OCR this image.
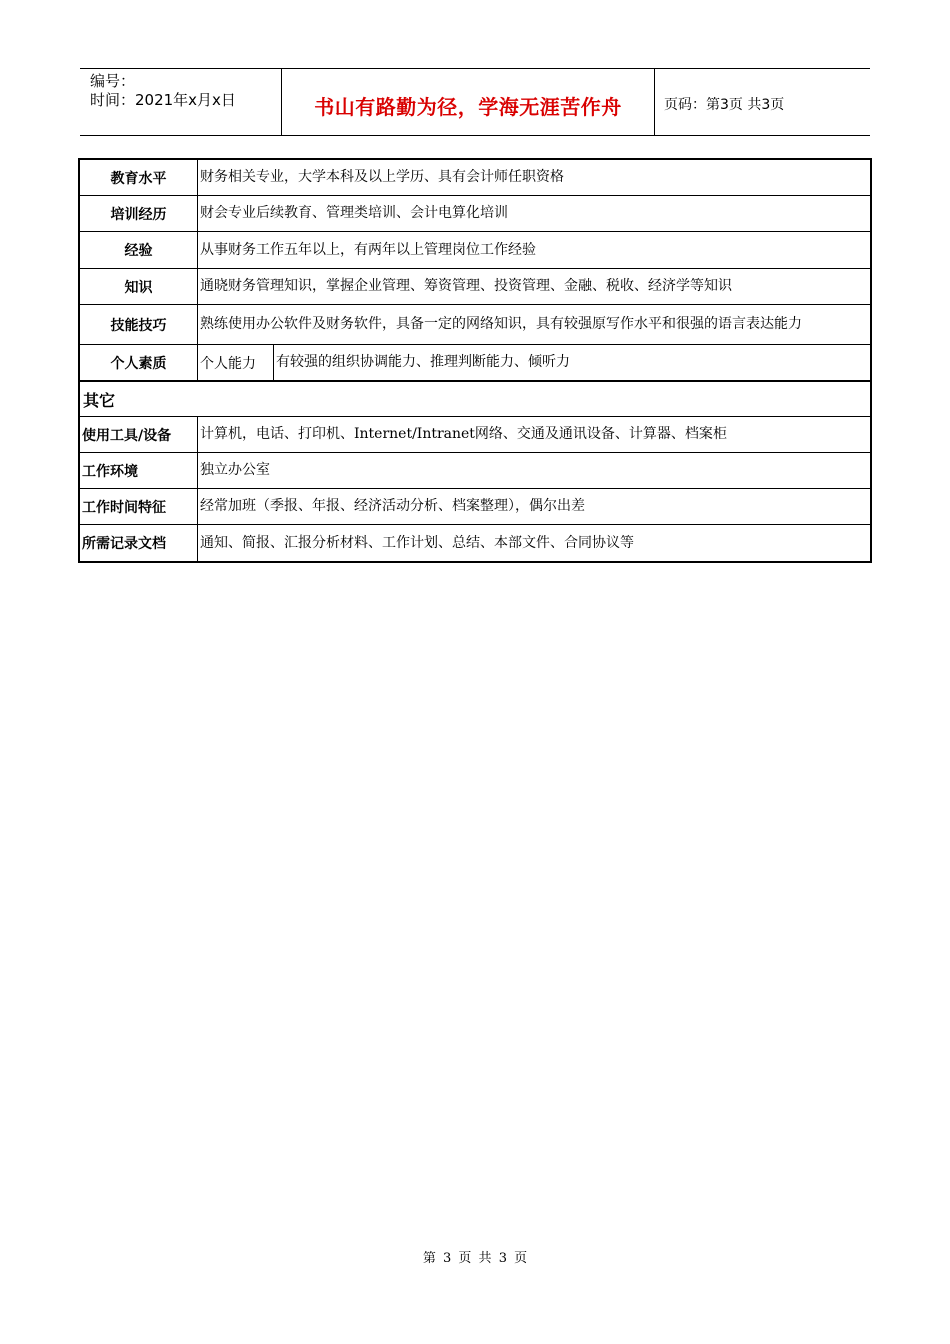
编号：
时间：2021年x月x日	书山有路勤为径，学海无涯苦作舟	页码：第3页 共3页
教育水平	财务相关专业，大学本科及以上学历、具有会计师任职资格
培训经历	财会专业后续教育、管理类培训、会计电算化培训
经验	从事财务工作五年以上，有两年以上管理岗位工作经验
知识	通晓财务管理知识，掌握企业管理、筹资管理、投资管理、金融、税收、经济学等知识
技能技巧	熟练使用办公软件及财务软件，具备一定的网络知识，具有较强原写作水平和很强的语言表达能力
个人素质	个人能力	有较强的组织协调能力、推理判断能力、倾听力
其它
使用工具/设备	计算机，电话、打印机、Internet/Intranet网络、交通及通讯设备、计算器、档案柜
工作环境	独立办公室
工作时间特征	经常加班（季报、年报、经济活动分析、档案整理），偶尔出差
所需记录文档	通知、简报、汇报分析材料、工作计划、总结、本部文件、合同协议等
第 3 页 共 3 页
